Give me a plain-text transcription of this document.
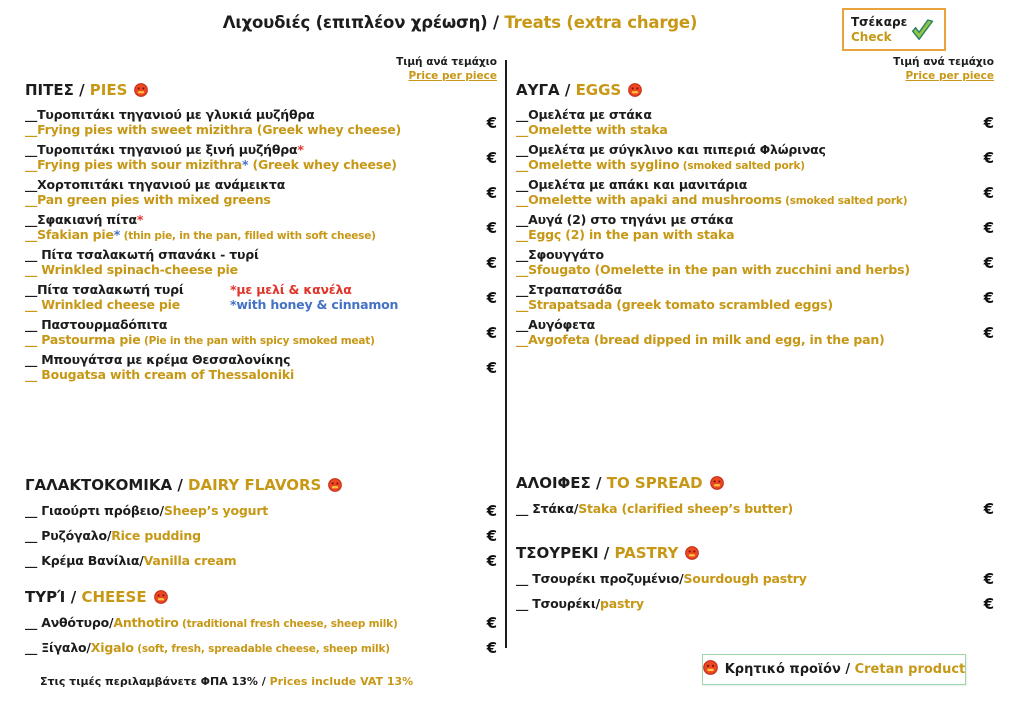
Λιχουδιές (επιπλέον χρέωση) / Treats (extra charge)	Τσέκαρε
Check
Τιμή ανά τεμάχιο
Price per piece
Τιμή ανά τεμάχιο
Price per piece
ΠΙΤΕΣ / PIES
__Τυροπιτάκι τηγανιού με γλυκιά μυζήθρα
__Frying pies with sweet mizithra (Greek whey cheese)	€
__Τυροπιτάκι τηγανιού με ξινή μυζήθρα*
__Frying pies with sour mizithra* (Greek whey cheese)	€
__Χορτοπιτάκι τηγανιού με ανάμεικτα
__Pan green pies with mixed greens	€
__Σφακιανή πίτα*
__Sfakian pie* (thin pie, in the pan, filled with soft cheese)	€
__ Πίτα τσαλακωτή σπανάκι - τυρί
__ Wrinkled spinach-cheese pie	€
__Πίτα τσαλακωτή τυρί	*με μελί & κανέλα
__ Wrinkled cheese pie	*with honey & cinnamon	€
__ Παστουρμαδόπιτα
__ Pastourma pie (Pie in the pan with spicy smoked meat)	€
__ Μπουγάτσα με κρέμα Θεσσαλονίκης
__ Bougatsa with cream of Thessaloniki	€
ΓΑΛΑΚΤΟΚΟΜΙΚΑ / DAIRY FLAVORS
__ Γιαούρτι πρόβειο/Sheep’s yogurt	€
__ Ρυζόγαλο/Rice pudding	€
__ Κρέμα Βανίλια/Vanilla cream	€
ΤΥΡΊ / CHEESE
__ Ανθότυρο/Anthotiro (traditional fresh cheese, sheep milk)	€
__ Ξίγαλο/Xigalo (soft, fresh, spreadable cheese, sheep milk)	€
Στις τιμές περιλαμβάνετε ΦΠΑ 13% / Prices include VAT 13%
ΑΥΓΑ / EGGS
__Ομελέτα με στάκα
__Omelette with staka	€
__Ομελέτα με σύγκλινο και πιπεριά Φλώρινας
__Omelette with syglino (smoked salted pork)	€
__Ομελέτα με απάκι και μανιτάρια
__Omelette with apaki and mushrooms (smoked salted pork)	€
__Αυγά (2) στο τηγάνι με στάκα
__Eggς (2) in the pan with staka	€
__Σφουγγάτο
__Sfougato (Omelette in the pan with zucchini and herbs)	€
__Στραπατσάδα
__Strapatsada (greek tomato scrambled eggs)	€
__Αυγόφετα
__Avgofeta (bread dipped in milk and egg, in the pan)	€
ΑΛΟΙΦΕΣ / TO SPREAD
__ Στάκα/Staka (clarified sheep’s butter)	€
ΤΣΟΥΡΕΚΙ / PASTRY
__ Τσουρέκι προζυμένιο/Sourdough pastry	€
__ Τσουρέκι/pastry	€
Κρητικό προϊόν / Cretan product
